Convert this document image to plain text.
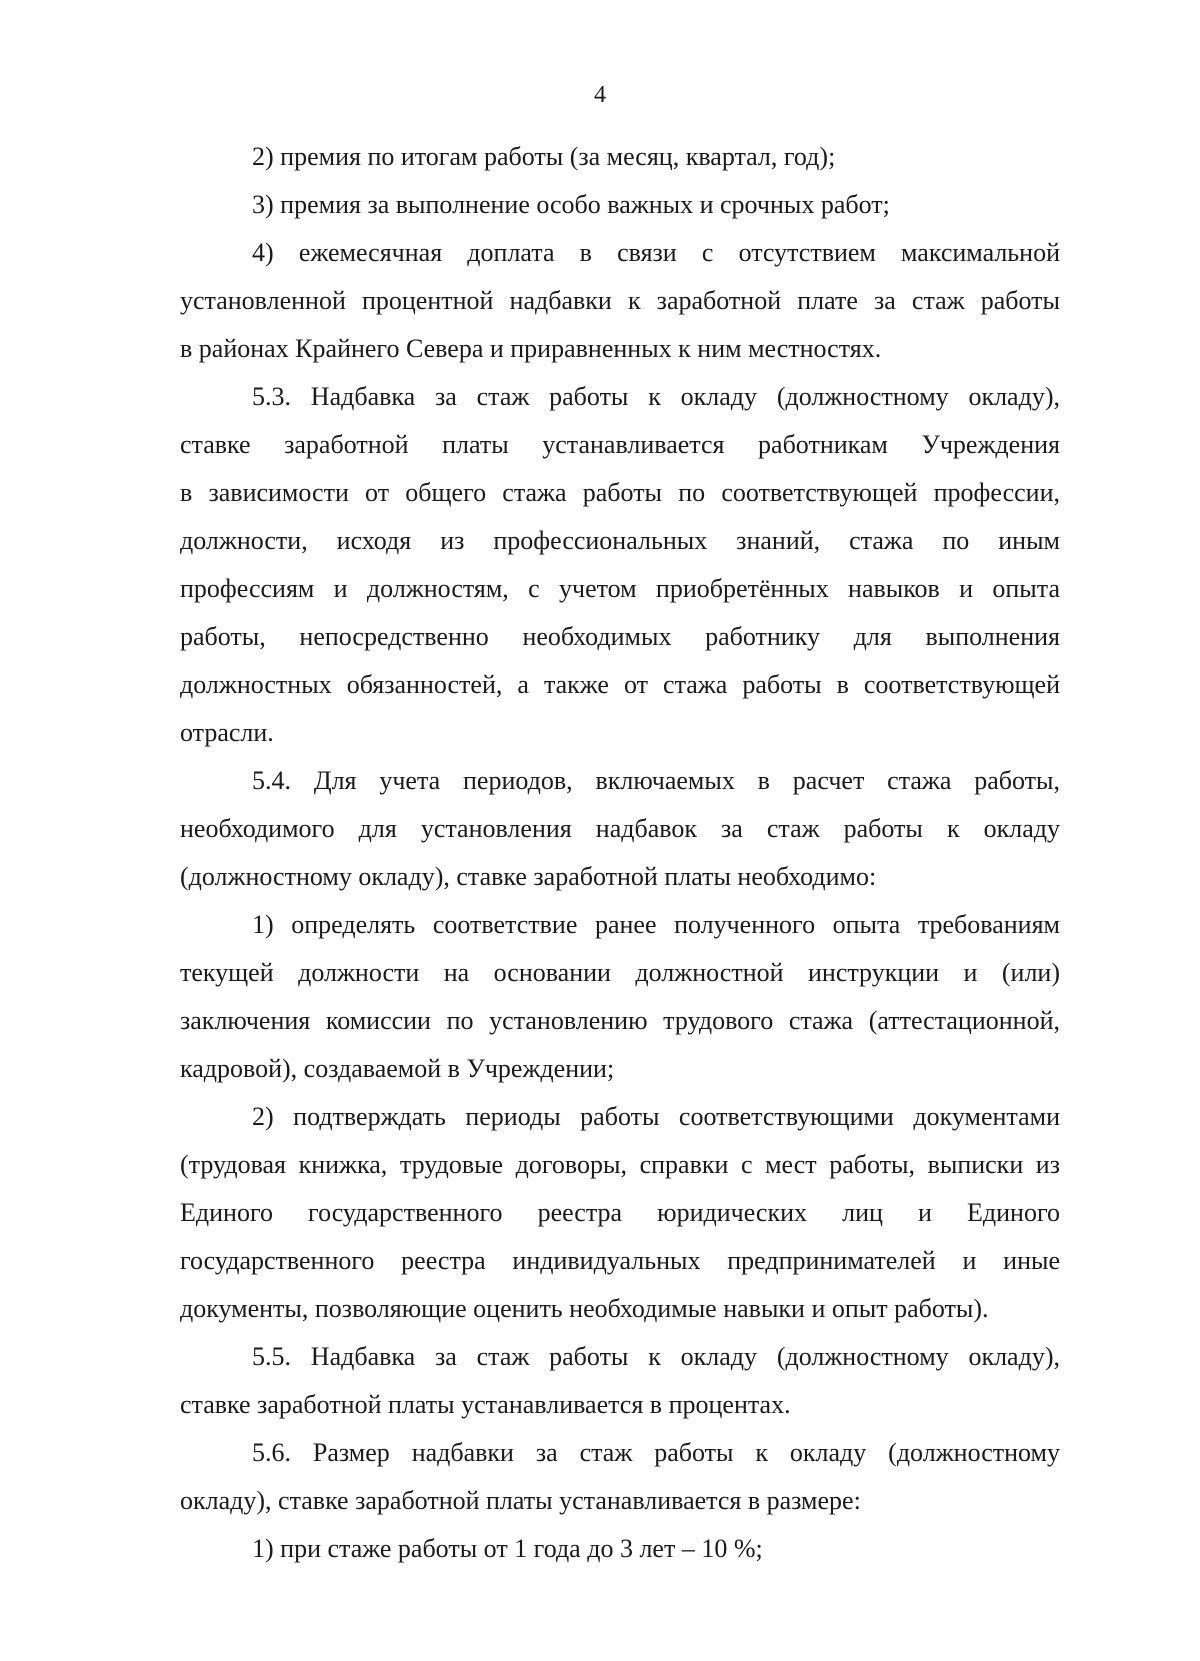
4
2) премия по итогам работы (за месяц, квартал, год);
3) премия за выполнение особо важных и срочных работ;
4) ежемесячная доплата в связи с отсутствием максимальной
установленной процентной надбавки к заработной плате за стаж работы
в районах Крайнего Севера и приравненных к ним местностях.
5.3. Надбавка за стаж работы к окладу (должностному окладу),
ставке заработной платы устанавливается работникам Учреждения
в зависимости от общего стажа работы по соответствующей профессии,
должности, исходя из профессиональных знаний, стажа по иным
профессиям и должностям, с учетом приобретённых навыков и опыта
работы, непосредственно необходимых работнику для выполнения
должностных обязанностей, а также от стажа работы в соответствующей
отрасли.
5.4. Для учета периодов, включаемых в расчет стажа работы,
необходимого для установления надбавок за стаж работы к окладу
(должностному окладу), ставке заработной платы необходимо:
1) определять соответствие ранее полученного опыта требованиям
текущей должности на основании должностной инструкции и (или)
заключения комиссии по установлению трудового стажа (аттестационной,
кадровой), создаваемой в Учреждении;
2) подтверждать периоды работы соответствующими документами
(трудовая книжка, трудовые договоры, справки с мест работы, выписки из
Единого государственного реестра юридических лиц и Единого
государственного реестра индивидуальных предпринимателей и иные
документы, позволяющие оценить необходимые навыки и опыт работы).
5.5. Надбавка за стаж работы к окладу (должностному окладу),
ставке заработной платы устанавливается в процентах.
5.6. Размер надбавки за стаж работы к окладу (должностному
окладу), ставке заработной платы устанавливается в размере:
1) при стаже работы от 1 года до 3 лет – 10 %;
